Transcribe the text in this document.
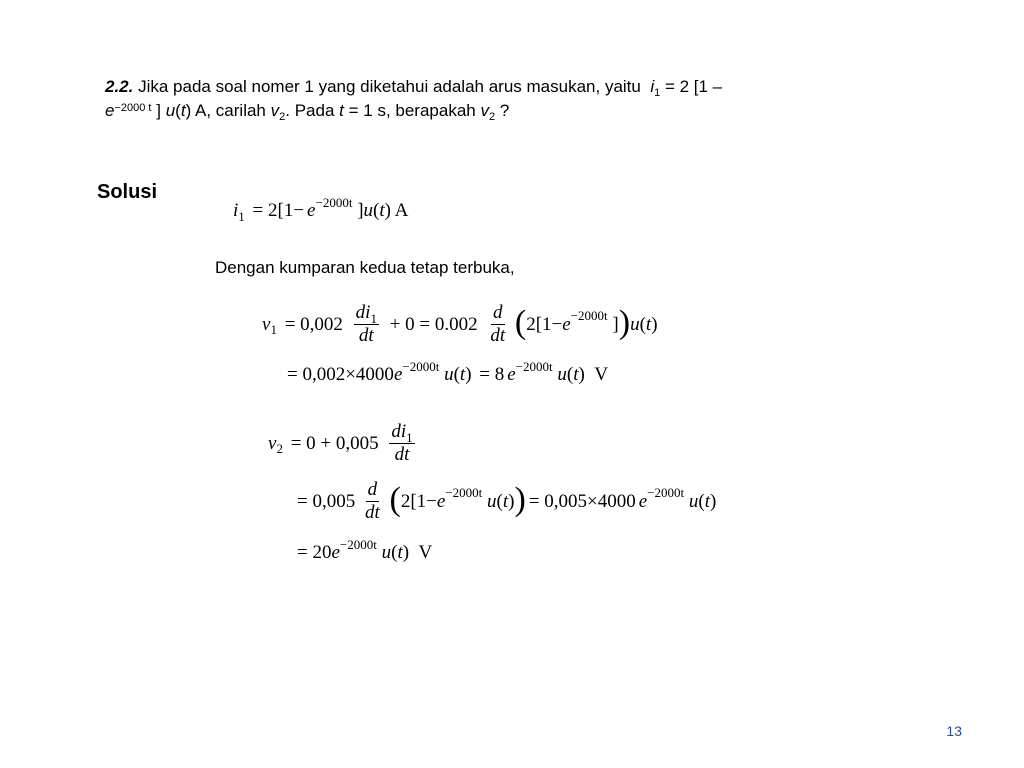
2.2. Jika pada soal nomer 1 yang diketahui adalah arus masukan, yaitu $i_1 = 2$ [1 –
$e^{-2000 t}$ ] u(t) A, carilah $v_2$. Pada t = 1 s, berapakah $v_2$ ?
Solusi
$i_1 = 2[1- e^{-2000t}$ ]u(t) A
Dengan kumparan kedua tetap terbuka,
$v_1 = 0,002 \frac{di_1}{dt} + 0 = 0.002 \frac{d}{dt} (2[1-e^{-2000t}$ ])u(t)
= $0,002\times 4000e^{-2000t}$ u(t) = 8 $e^{-2000t}$ u(t)  V
$v_2 = 0 + 0,005 \frac{di_1}{dt}$
= $0,005 \frac{d}{dt} (2[1-e^{-2000t}$ u(t)) = 0,005×4000 $e^{-2000t}$ u(t)
= $20e^{-2000t}$ u(t)  V
13
